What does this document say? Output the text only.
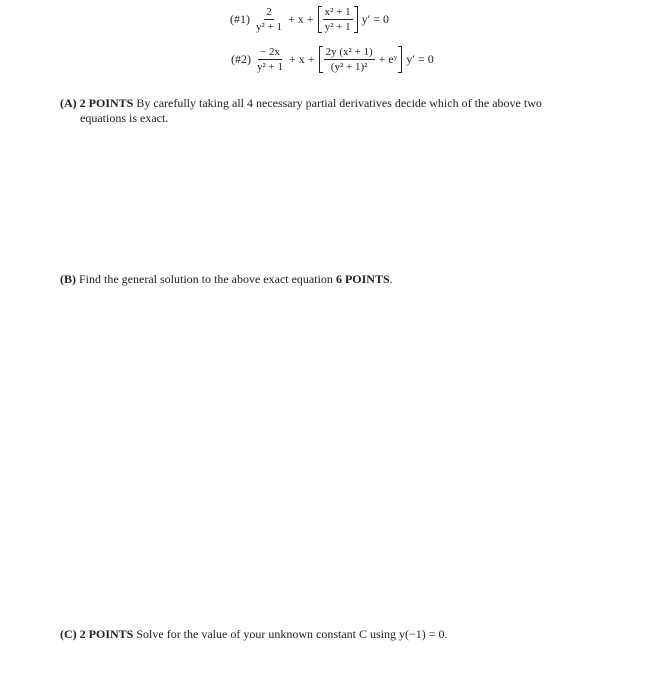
(#1) $\frac{2}{\text{y² + 1}} + x + \frac{\text{x² + 1}}{\text{y² + 1}} y' = 0$
(#2) $\frac{- 2x}{\text{y² + 1}} + x + \frac{\text{2y (x² + 1)}}{\text{(y² + 1)²}}$ + eʸ y′ = 0
(A) 2 POINTS By carefully taking all 4 necessary partial derivatives decide which of the above two
equations is exact.
(B) Find the general solution to the above exact equation 6 POINTS.
(C) 2 POINTS Solve for the value of your unknown constant C using y(−1) = 0.
